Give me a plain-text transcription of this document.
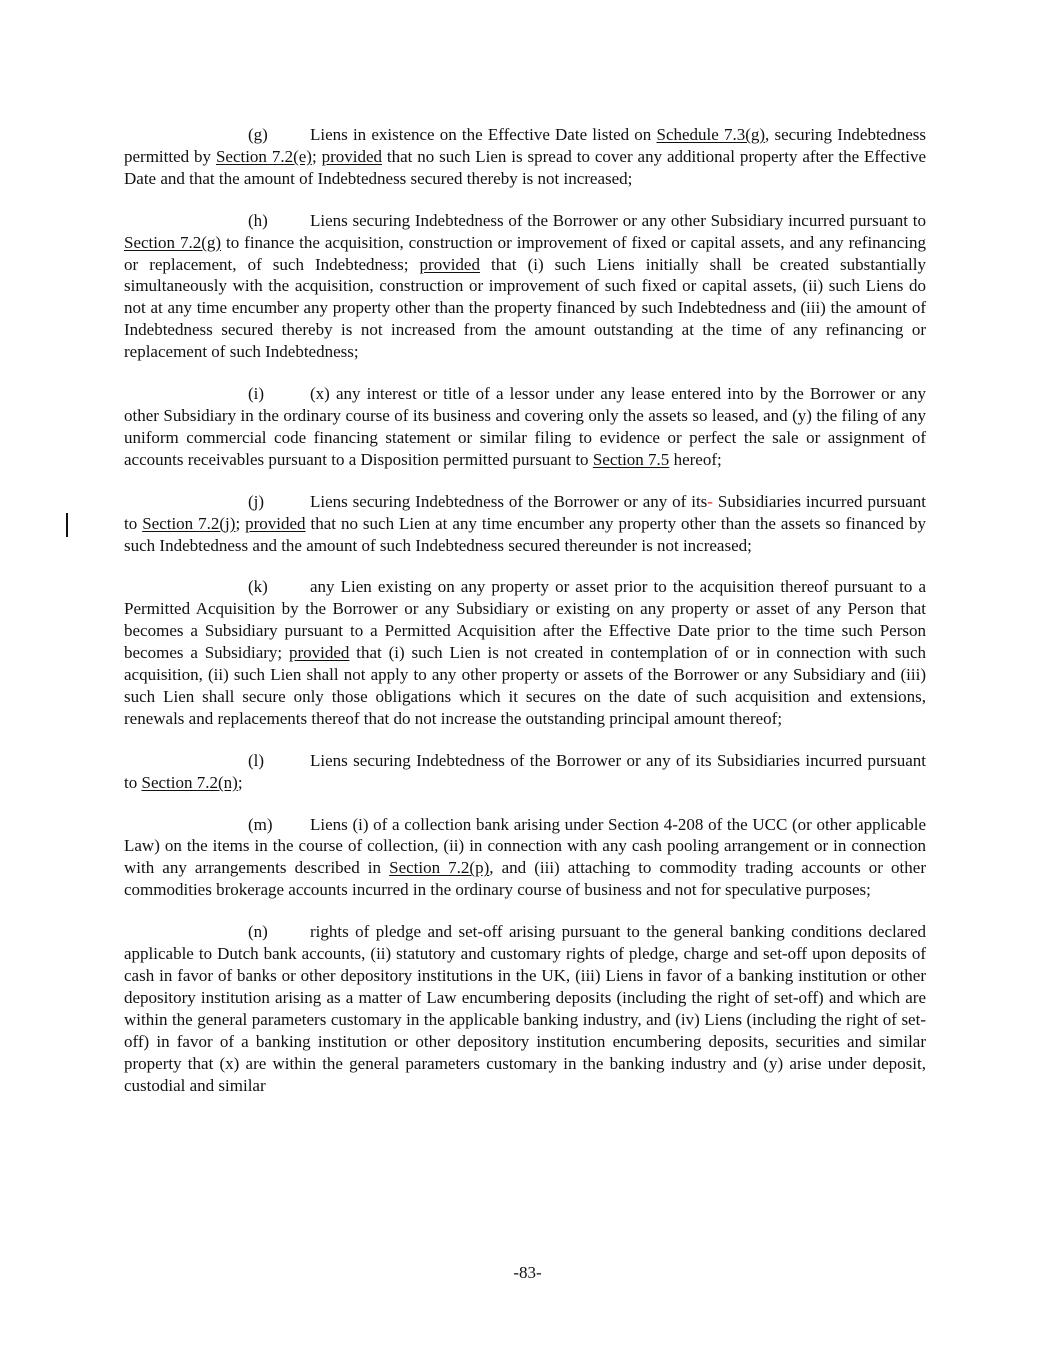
(g) Liens in existence on the Effective Date listed on Schedule 7.3(g), securing Indebtedness permitted by Section 7.2(e); provided that no such Lien is spread to cover any additional property after the Effective Date and that the amount of Indebtedness secured thereby is not increased;

(h) Liens securing Indebtedness of the Borrower or any other Subsidiary incurred pursuant to Section 7.2(g) to finance the acquisition, construction or improvement of fixed or capital assets, and any refinancing or replacement, of such Indebtedness; provided that (i) such Liens initially shall be created substantially simultaneously with the acquisition, construction or improvement of such fixed or capital assets, (ii) such Liens do not at any time encumber any property other than the property financed by such Indebtedness and (iii) the amount of Indebtedness secured thereby is not increased from the amount outstanding at the time of any refinancing or replacement of such Indebtedness;

(i)	(x) any interest or title of a lessor under any lease entered into by the Borrower or any other Subsidiary in the ordinary course of its business and covering only the assets so leased, and (y) the filing of any uniform commercial code financing statement or similar filing to evidence or perfect the sale or assignment of accounts receivables pursuant to a Disposition permitted pursuant to Section 7.5 hereof;

(j)	Liens securing Indebtedness of the Borrower or any of its- Subsidiaries incurred pursuant to Section 7.2(j); provided that no such Lien at any time encumber any property other than the assets so financed by such Indebtedness and the amount of such Indebtedness secured thereunder is not increased;

(k) any Lien existing on any property or asset prior to the acquisition thereof pursuant to a Permitted Acquisition by the Borrower or any Subsidiary or existing on any property or asset of any Person that becomes a Subsidiary pursuant to a Permitted Acquisition after the Effective Date prior to the time such Person becomes a Subsidiary; provided that (i) such Lien is not created in contemplation of or in connection with such acquisition, (ii) such Lien shall not apply to any other property or assets of the Borrower or any Subsidiary and (iii) such Lien shall secure only those obligations which it secures on the date of such acquisition and extensions, renewals and replacements thereof that do not increase the outstanding principal amount thereof;

(l)	Liens securing Indebtedness of the Borrower or any of its Subsidiaries incurred pursuant to Section 7.2(n);

(m) Liens (i) of a collection bank arising under Section 4-208 of the UCC (or other applicable Law) on the items in the course of collection, (ii) in connection with any cash pooling arrangement or in connection with any arrangements described in Section 7.2(p), and (iii) attaching to commodity trading accounts or other commodities brokerage accounts incurred in the ordinary course of business and not for speculative purposes;

(n) rights of pledge and set-off arising pursuant to the general banking conditions declared applicable to Dutch bank accounts, (ii) statutory and customary rights of pledge, charge and set-off upon deposits of cash in favor of banks or other depository institutions in the UK, (iii) Liens in favor of a banking institution or other depository institution arising as a matter of Law encumbering deposits (including the right of set-off) and which are within the general parameters customary in the applicable banking industry, and (iv) Liens (including the right of set-off) in favor of a banking institution or other depository institution encumbering deposits, securities and similar property that (x) are within the general parameters customary in the banking industry and (y) arise under deposit, custodial and similar

-83-
